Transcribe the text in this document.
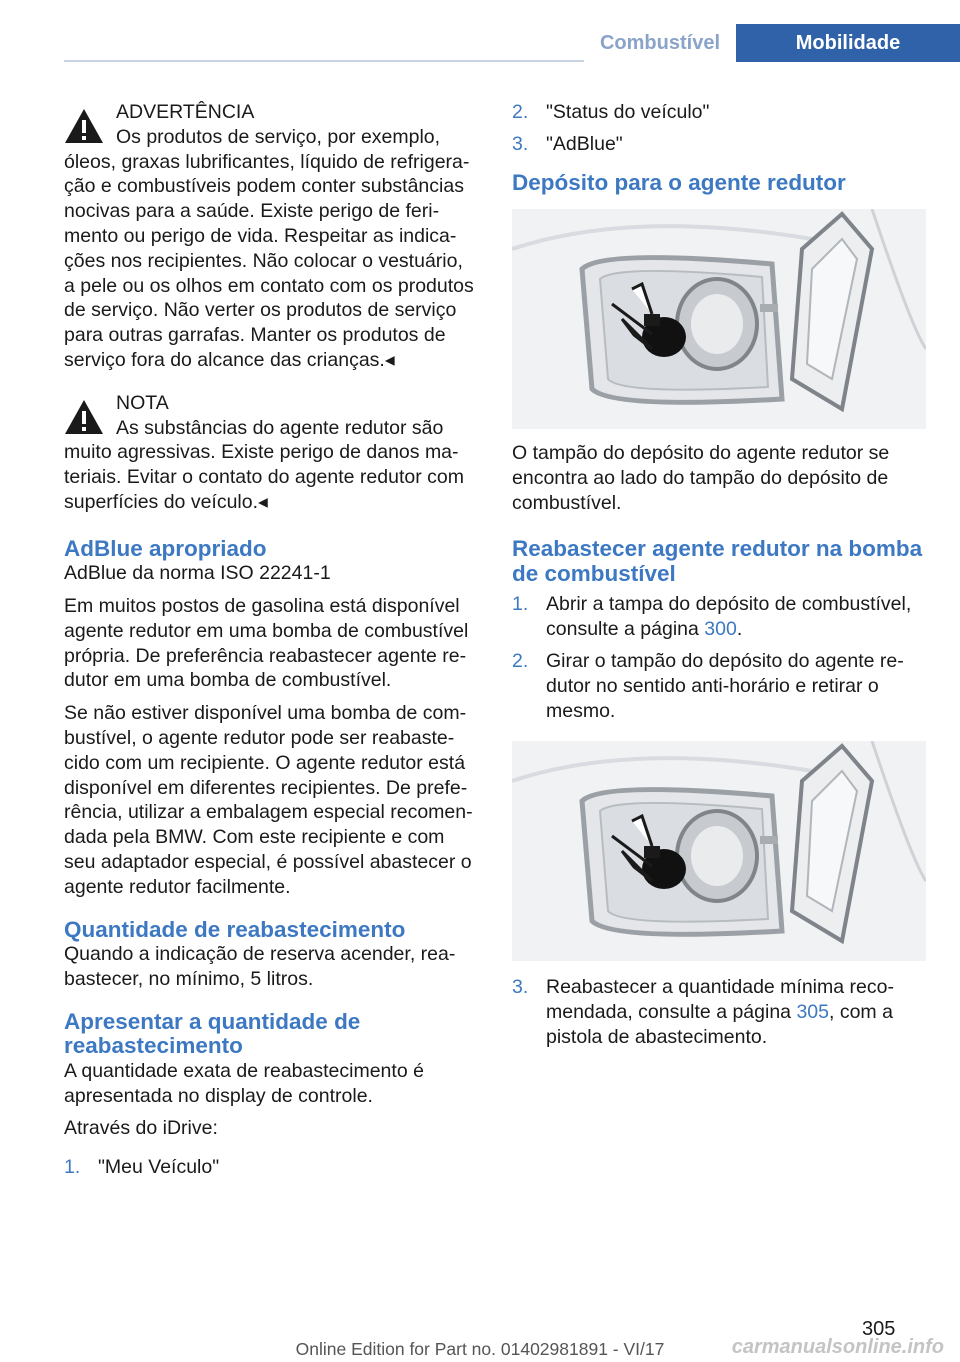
Combustível	Mobilidade

ADVERTÊNCIA

Os produtos de serviço, por exemplo,

óleos, graxas lubrificantes, líquido de refrigeração e combustíveis podem conter substâncias nocivas para a saúde. Existe perigo de ferimento ou perigo de vida. Respeitar as indicações nos recipientes. Não colocar o vestuário, a pele ou os olhos em contato com os produtos de serviço. Não verter os produtos de serviço para outras garrafas. Manter os produtos de serviço fora do alcance das crianças.◂

NOTA

As substâncias do agente redutor são

muito agressivas. Existe perigo de danos materiais. Evitar o contato do agente redutor com superfícies do veículo.◂

AdBlue apropriado

AdBlue da norma ISO 22241-1

Em muitos postos de gasolina está disponível agente redutor em uma bomba de combustível própria. De preferência reabastecer agente redutor em uma bomba de combustível.

Se não estiver disponível uma bomba de combustível, o agente redutor pode ser reabastecido com um recipiente. O agente redutor está disponível em diferentes recipientes. De preferência, utilizar a embalagem especial recomendada pela BMW. Com este recipiente e com seu adaptador especial, é possível abastecer o agente redutor facilmente.

Quantidade de reabastecimento

Quando a indicação de reserva acender, reabastecer, no mínimo, 5 litros.

Apresentar a quantidade de reabastecimento

A quantidade exata de reabastecimento é apresentada no display de controle.

Através do iDrive:

1. "Meu Veículo"
2. "Status do veículo"
3. "AdBlue"
Depósito para o agente redutor

O tampão do depósito do agente redutor se encontra ao lado do tampão do depósito de combustível.

Reabastecer agente redutor na bomba de combustível
1. Abrir a tampa do depósito de combustível, consulte a página 300.
2. Girar o tampão do depósito do agente redutor no sentido anti-horário e retirar o mesmo.
3. Reabastecer a quantidade mínima recomendada, consulte a página 305, com a pistola de abastecimento.
305
Online Edition for Part no. 01402981891 - VI/17	carmanualsonline.info
